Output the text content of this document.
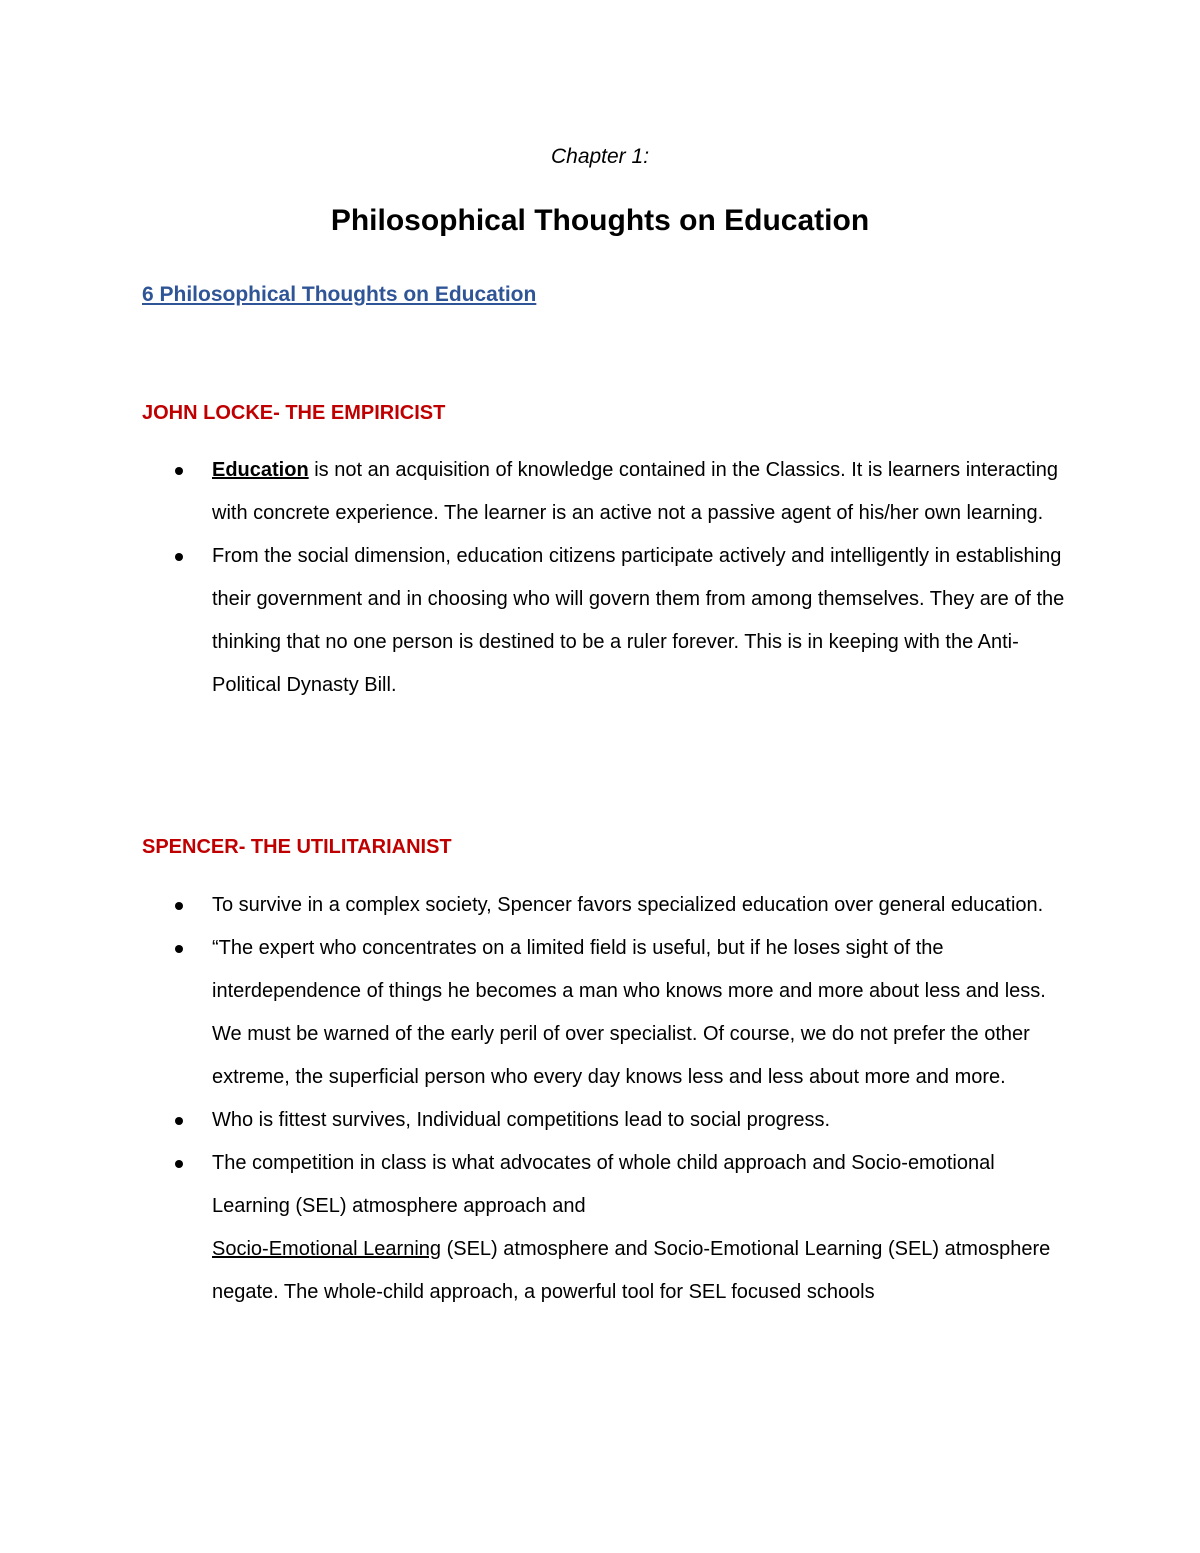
Chapter 1:
Philosophical Thoughts on Education
6 Philosophical Thoughts on Education
JOHN LOCKE- THE EMPIRICIST
Education is not an acquisition of knowledge contained in the Classics. It is learners interacting with concrete experience. The learner is an active not a passive agent of his/her own learning.
From the social dimension, education citizens participate actively and intelligently in establishing their government and in choosing who will govern them from among themselves. They are of the thinking that no one person is destined to be a ruler forever. This is in keeping with the Anti-Political Dynasty Bill.
SPENCER- THE UTILITARIANIST
To survive in a complex society, Spencer favors specialized education over general education.
“The expert who concentrates on a limited field is useful, but if he loses sight of the interdependence of things he becomes a man who knows more and more about less and less. We must be warned of the early peril of over specialist. Of course, we do not prefer the other extreme, the superficial person who every day knows less and less about more and more.
Who is fittest survives, Individual competitions lead to social progress.
The competition in class is what advocates of whole child approach and Socio-emotional Learning (SEL) atmosphere approach and
Socio-Emotional Learning (SEL) atmosphere and Socio-Emotional Learning (SEL) atmosphere negate. The whole-child approach, a powerful tool for SEL focused schools
